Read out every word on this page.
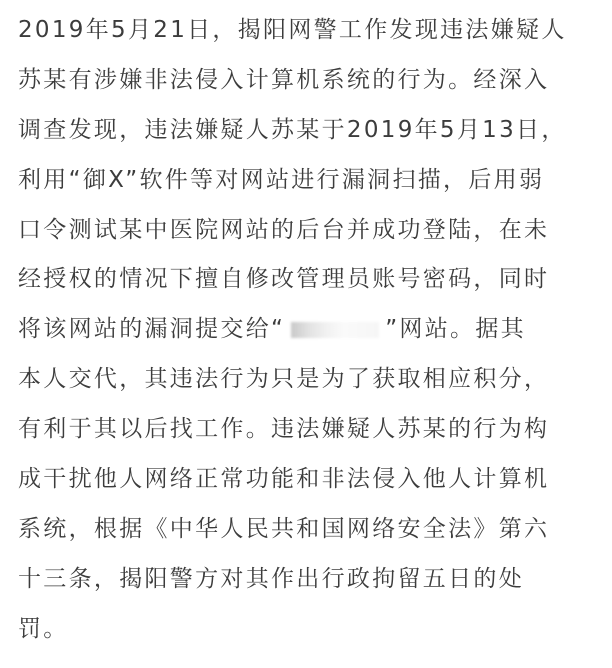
2019年5月21日，揭阳网警工作发现违法嫌疑人
苏某有涉嫌非法侵入计算机系统的行为。经深入
调查发现，违法嫌疑人苏某于2019年5月13日，
利用“御X”软件等对网站进行漏洞扫描，后用弱
口令测试某中医院网站的后台并成功登陆，在未
经授权的情况下擅自修改管理员账号密码，同时
将该网站的漏洞提交给“	”网站。据其
本人交代，其违法行为只是为了获取相应积分，
有利于其以后找工作。违法嫌疑人苏某的行为构
成干扰他人网络正常功能和非法侵入他人计算机
系统，根据《中华人民共和国网络安全法》第六
十三条，揭阳警方对其作出行政拘留五日的处
罚。
